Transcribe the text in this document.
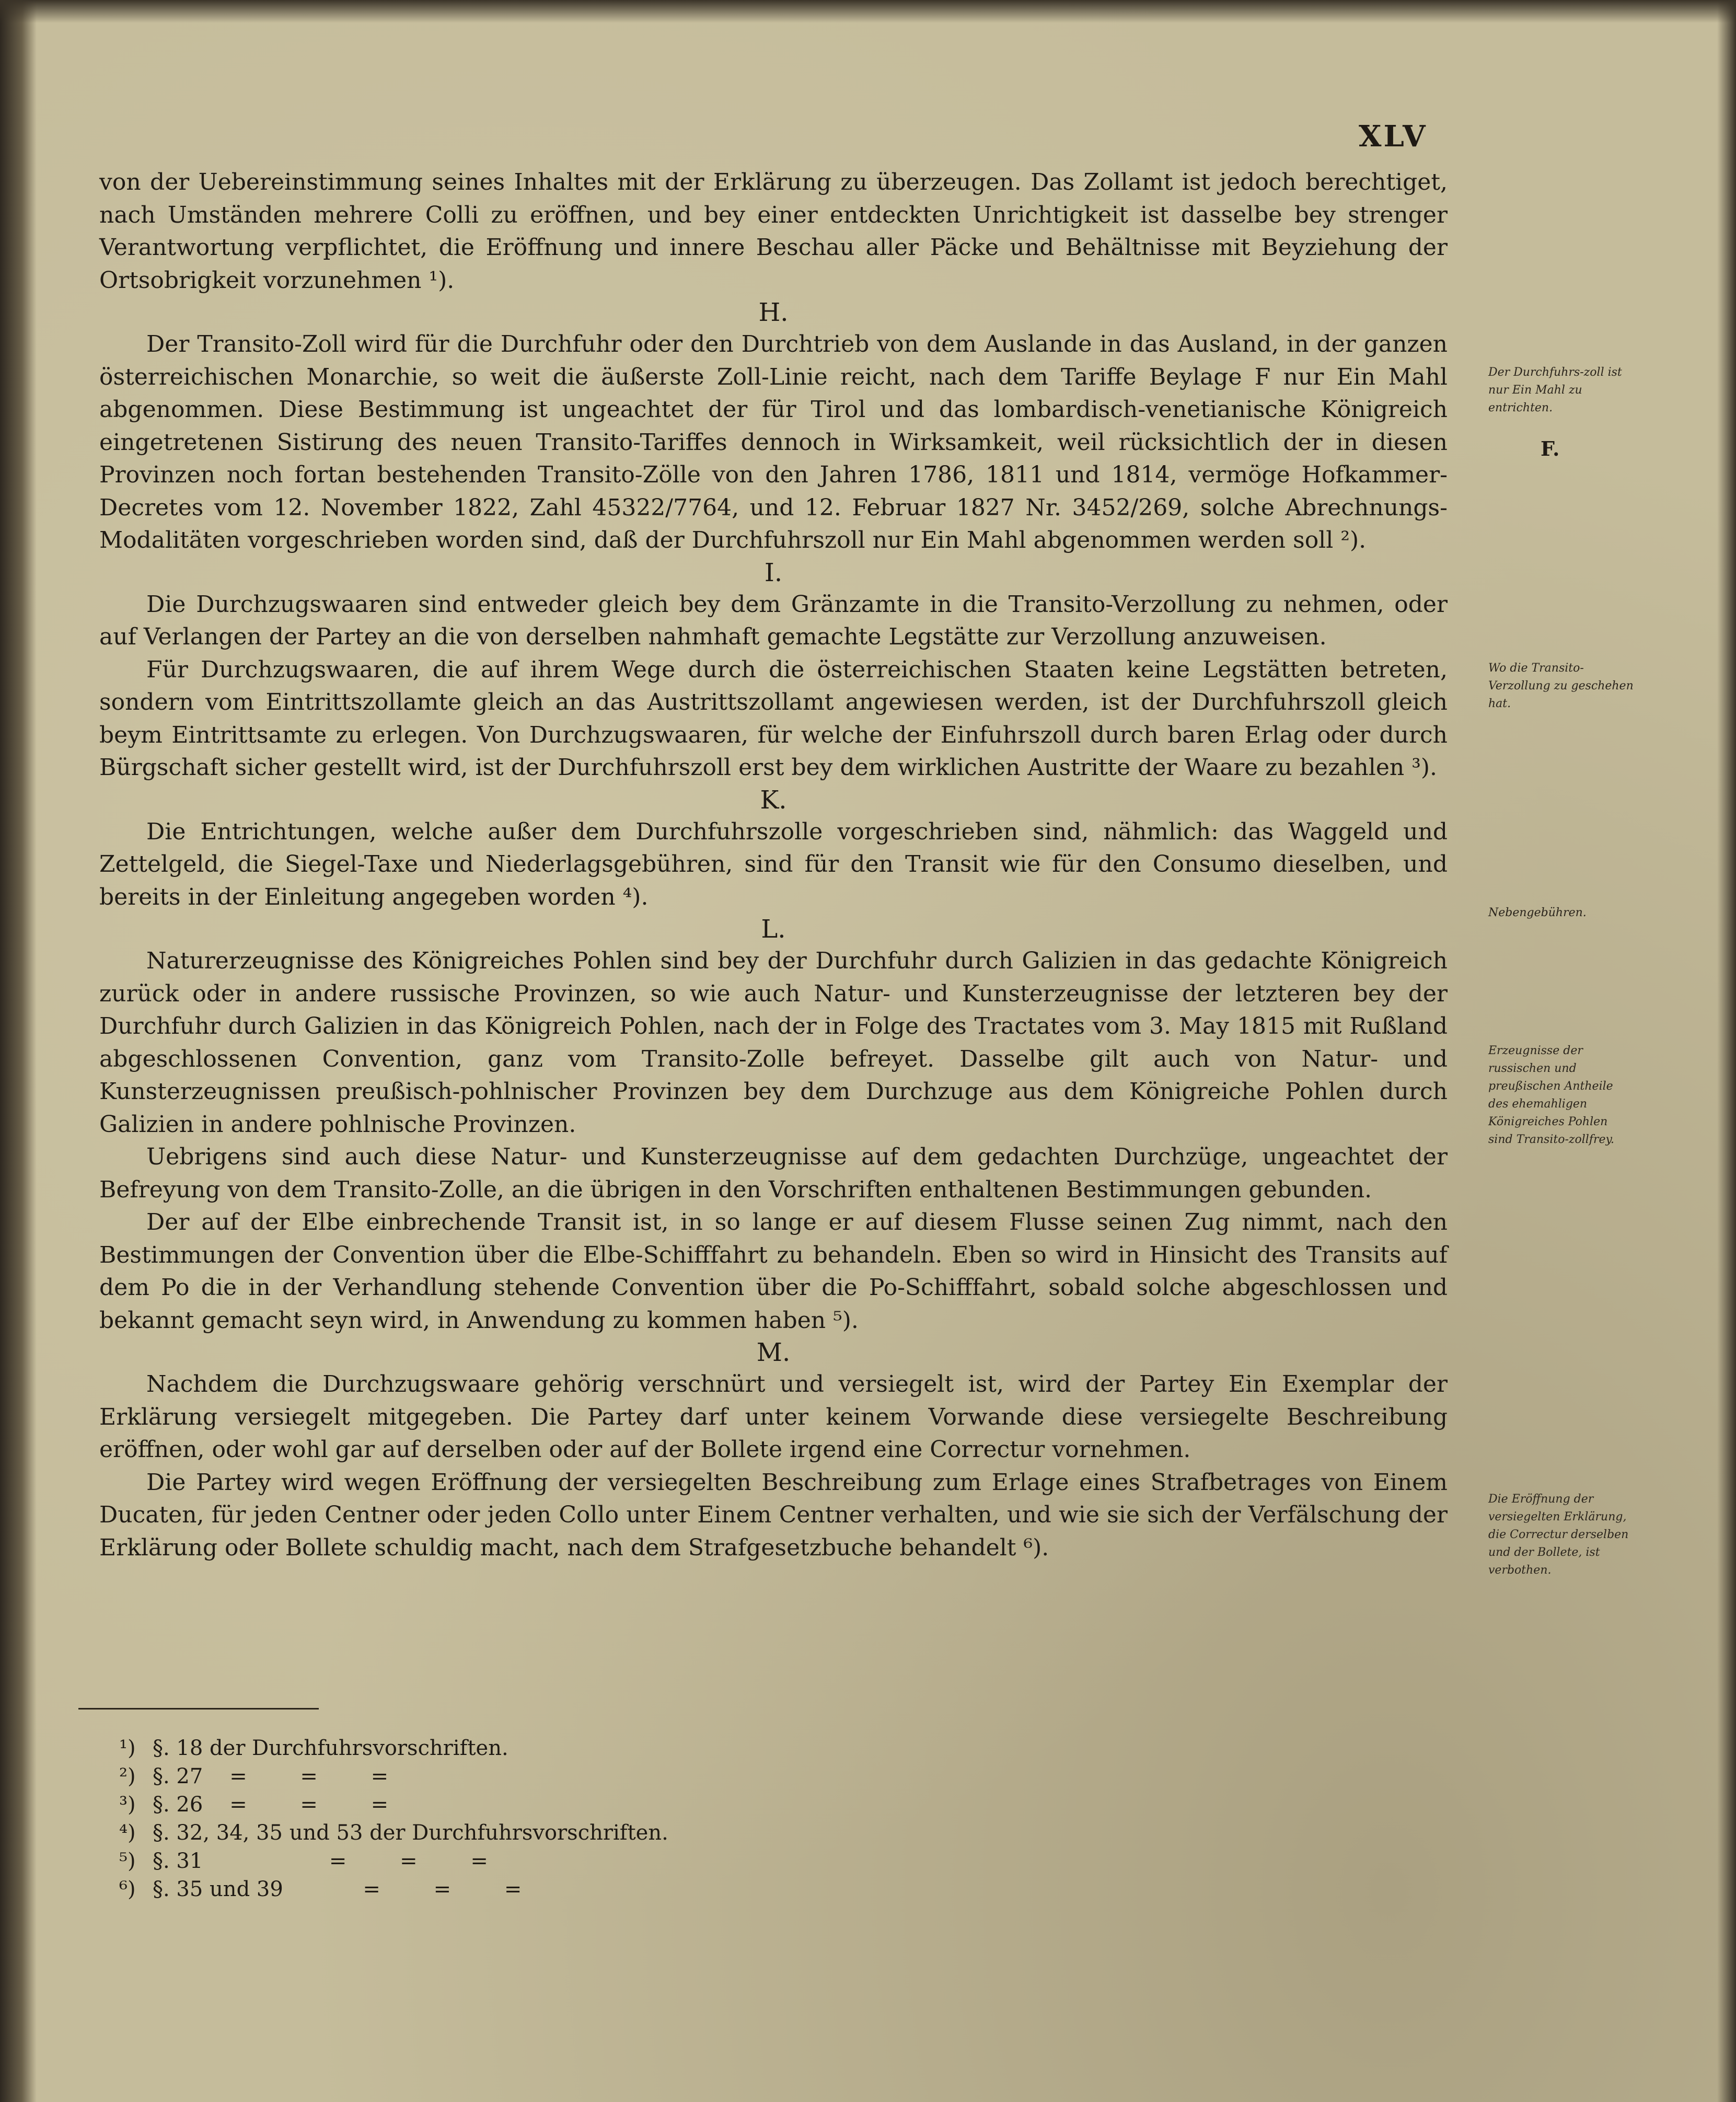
XLV

von der Uebereinstimmung seines Inhaltes mit der Erklärung zu überzeugen. Das Zollamt ist jedoch berechtiget, nach Umständen mehrere Colli zu eröffnen, und bey einer entdeckten Unrichtigkeit ist dasselbe bey strenger Verantwortung verpflichtet, die Eröffnung und innere Beschau aller Päcke und Behältnisse mit Beyziehung der Ortsobrigkeit vorzunehmen ¹).

H.

Der Transito-Zoll wird für die Durchfuhr oder den Durchtrieb von dem Auslande in das Ausland, in der ganzen österreichischen Monarchie, so weit die äußerste Zoll-Linie reicht, nach dem Tariffe Beylage F nur Ein Mahl abgenommen. Diese Bestimmung ist ungeachtet der für Tirol und das lombardisch-venetianische Königreich eingetretenen Sistirung des neuen Transito-Tariffes dennoch in Wirksamkeit, weil rücksichtlich der in diesen Provinzen noch fortan bestehenden Transito-Zölle von den Jahren 1786, 1811 und 1814, vermöge Hofkammer-Decretes vom 12. November 1822, Zahl 45322/7764, und 12. Februar 1827 Nr. 3452/269, solche Abrechnungs-Modalitäten vorgeschrieben worden sind, daß der Durchfuhrszoll nur Ein Mahl abgenommen werden soll ²).

I.

Die Durchzugswaaren sind entweder gleich bey dem Gränzamte in die Transito-Verzollung zu nehmen, oder auf Verlangen der Partey an die von derselben nahmhaft gemachte Legstätte zur Verzollung anzuweisen.

Für Durchzugswaaren, die auf ihrem Wege durch die österreichischen Staaten keine Legstätten betreten, sondern vom Eintrittszollamte gleich an das Austrittszollamt angewiesen werden, ist der Durchfuhrszoll gleich beym Eintrittsamte zu erlegen. Von Durchzugswaaren, für welche der Einfuhrszoll durch baren Erlag oder durch Bürgschaft sicher gestellt wird, ist der Durchfuhrszoll erst bey dem wirklichen Austritte der Waare zu bezahlen ³).

K.

Die Entrichtungen, welche außer dem Durchfuhrszolle vorgeschrieben sind, nähmlich: das Waggeld und Zettelgeld, die Siegel-Taxe und Niederlagsgebühren, sind für den Transit wie für den Consumo dieselben, und bereits in der Einleitung angegeben worden ⁴).

L.

Naturerzeugnisse des Königreiches Pohlen sind bey der Durchfuhr durch Galizien in das gedachte Königreich zurück oder in andere russische Provinzen, so wie auch Natur- und Kunsterzeugnisse der letzteren bey der Durchfuhr durch Galizien in das Königreich Pohlen, nach der in Folge des Tractates vom 3. May 1815 mit Rußland abgeschlossenen Convention, ganz vom Transito-Zolle befreyet. Dasselbe gilt auch von Natur- und Kunsterzeugnissen preußisch-pohlnischer Provinzen bey dem Durchzuge aus dem Königreiche Pohlen durch Galizien in andere pohlnische Provinzen.

Uebrigens sind auch diese Natur- und Kunsterzeugnisse auf dem gedachten Durchzüge, ungeachtet der Befreyung von dem Transito-Zolle, an die übrigen in den Vorschriften enthaltenen Bestimmungen gebunden.

Der auf der Elbe einbrechende Transit ist, in so lange er auf diesem Flusse seinen Zug nimmt, nach den Bestimmungen der Convention über die Elbe-Schifffahrt zu behandeln. Eben so wird in Hinsicht des Transits auf dem Po die in der Verhandlung stehende Convention über die Po-Schifffahrt, sobald solche abgeschlossen und bekannt gemacht seyn wird, in Anwendung zu kommen haben ⁵).

M.

Nachdem die Durchzugswaare gehörig verschnürt und versiegelt ist, wird der Partey Ein Exemplar der Erklärung versiegelt mitgegeben. Die Partey darf unter keinem Vorwande diese versiegelte Beschreibung eröffnen, oder wohl gar auf derselben oder auf der Bollete irgend eine Correctur vornehmen.

Die Partey wird wegen Eröffnung der versiegelten Beschreibung zum Erlage eines Strafbetrages von Einem Ducaten, für jeden Centner oder jeden Collo unter Einem Centner verhalten, und wie sie sich der Verfälschung der Erklärung oder Bollete schuldig macht, nach dem Strafgesetzbuche behandelt ⁶).

Der Durchfuhrs-zoll ist nur Ein Mahl zu entrichten.
F.
Wo die Transito-Verzollung zu geschehen hat.
Nebengebühren.
Erzeugnisse der russischen und preußischen Antheile des ehemahligen Königreiches Pohlen sind Transito-zollfrey.
Die Eröffnung der versiegelten Erklärung, die Correctur derselben und der Bollete, ist verbothen.
¹) §. 18 der Durchfuhrsvorschriften.
²) §. 27    =        =        =
³) §. 26    =        =        =
⁴) §. 32, 34, 35 und 53 der Durchfuhrsvorschriften.
⁵) §. 31                   =        =        =
⁶) §. 35 und 39            =        =        =
